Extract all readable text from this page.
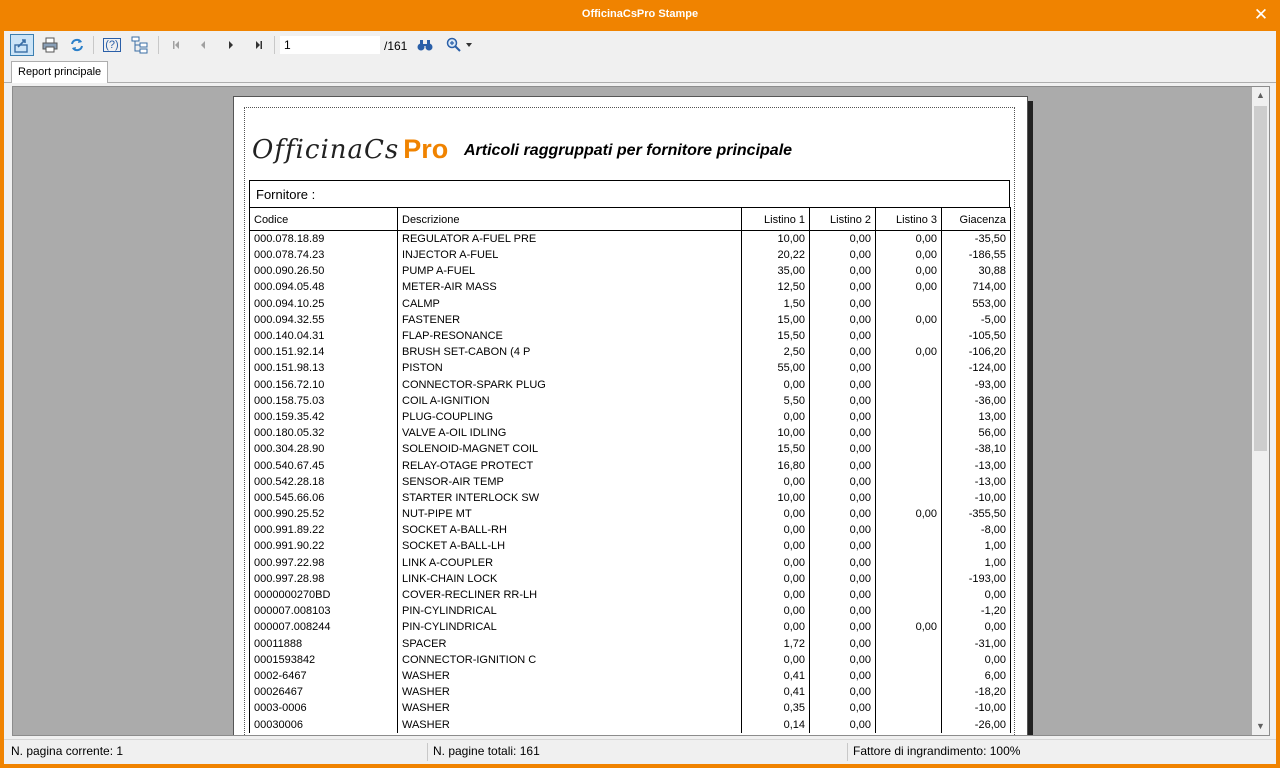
OfficinaCsPro Stampe	✕
(?)	1	/161
Report principale
OfficinaCs Pro Articoli raggruppati per fornitore principale
Fornitore :
Codice	Descrizione	Listino 1	Listino 2	Listino 3	Giacenza
000.078.18.89	REGULATOR A-FUEL PRE	10,00	0,00	0,00	-35,50
000.078.74.23	INJECTOR A-FUEL	20,22	0,00	0,00	-186,55
000.090.26.50	PUMP A-FUEL	35,00	0,00	0,00	30,88
000.094.05.48	METER-AIR MASS	12,50	0,00	0,00	714,00
000.094.10.25	CALMP	1,50	0,00		553,00
000.094.32.55	FASTENER	15,00	0,00	0,00	-5,00
000.140.04.31	FLAP-RESONANCE	15,50	0,00		-105,50
000.151.92.14	BRUSH SET-CABON (4 P	2,50	0,00	0,00	-106,20
000.151.98.13	PISTON	55,00	0,00		-124,00
000.156.72.10	CONNECTOR-SPARK PLUG	0,00	0,00		-93,00
000.158.75.03	COIL A-IGNITION	5,50	0,00		-36,00
000.159.35.42	PLUG-COUPLING	0,00	0,00		13,00
000.180.05.32	VALVE A-OIL IDLING	10,00	0,00		56,00
000.304.28.90	SOLENOID-MAGNET COIL	15,50	0,00		-38,10
000.540.67.45	RELAY-OTAGE PROTECT	16,80	0,00		-13,00
000.542.28.18	SENSOR-AIR TEMP	0,00	0,00		-13,00
000.545.66.06	STARTER INTERLOCK SW	10,00	0,00		-10,00
000.990.25.52	NUT-PIPE MT	0,00	0,00	0,00	-355,50
000.991.89.22	SOCKET A-BALL-RH	0,00	0,00		-8,00
000.991.90.22	SOCKET A-BALL-LH	0,00	0,00		1,00
000.997.22.98	LINK A-COUPLER	0,00	0,00		1,00
000.997.28.98	LINK-CHAIN LOCK	0,00	0,00		-193,00
0000000270BD	COVER-RECLINER RR-LH	0,00	0,00		0,00
000007.008103	PIN-CYLINDRICAL	0,00	0,00		-1,20
000007.008244	PIN-CYLINDRICAL	0,00	0,00	0,00	0,00
00011888	SPACER	1,72	0,00		-31,00
0001593842	CONNECTOR-IGNITION C	0,00	0,00		0,00
0002-6467	WASHER	0,41	0,00		6,00
00026467	WASHER	0,41	0,00		-18,20
0003-0006	WASHER	0,35	0,00		-10,00
00030006	WASHER	0,14	0,00		-26,00
▲
▼
N. pagina corrente: 1	N. pagine totali: 161	Fattore di ingrandimento: 100%
